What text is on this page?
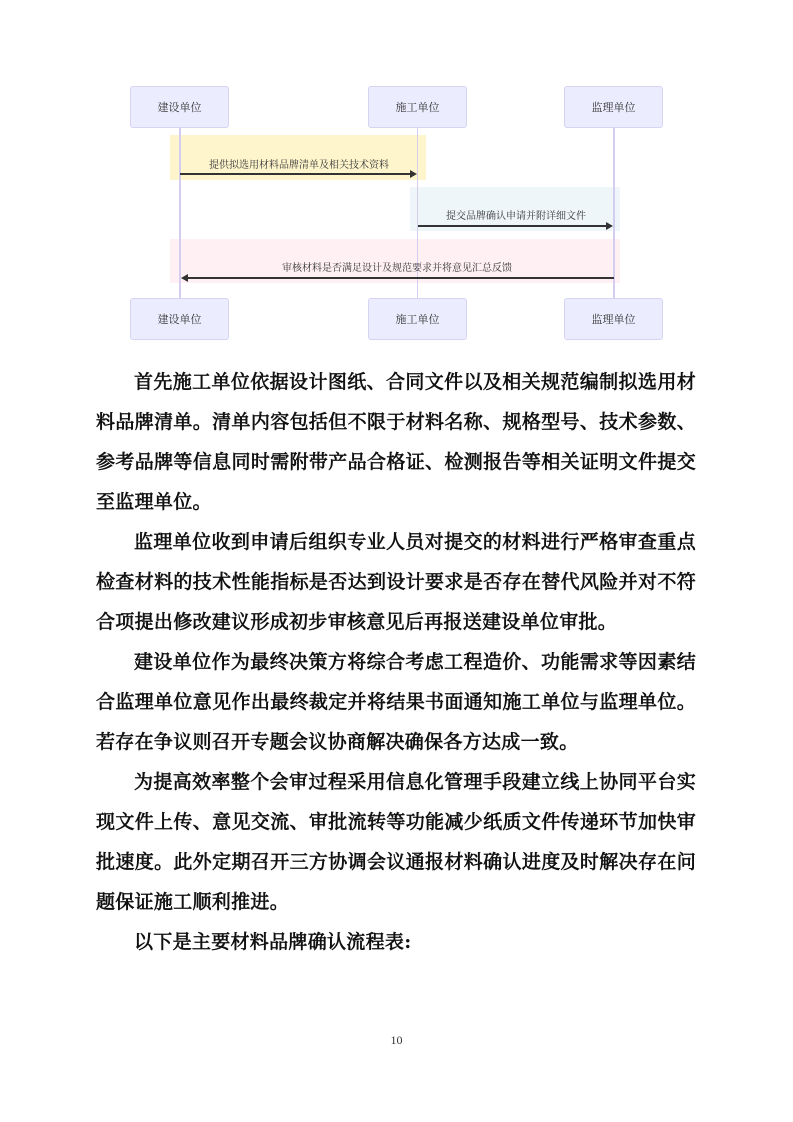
建设单位	施工单位	监理单位
提供拟选用材料品牌清单及相关技术资料
提交品牌确认申请并附详细文件
审核材料是否满足设计及规范要求并将意见汇总反馈
建设单位	施工单位	监理单位

首先施工单位依据设计图纸、合同文件以及相关规范编制拟选用材料品牌清单。清单内容包括但不限于材料名称、规格型号、技术参数、参考品牌等信息同时需附带产品合格证、检测报告等相关证明文件提交至监理单位。

监理单位收到申请后组织专业人员对提交的材料进行严格审查重点检查材料的技术性能指标是否达到设计要求是否存在替代风险并对不符合项提出修改建议形成初步审核意见后再报送建设单位审批。

建设单位作为最终决策方将综合考虑工程造价、功能需求等因素结合监理单位意见作出最终裁定并将结果书面通知施工单位与监理单位。若存在争议则召开专题会议协商解决确保各方达成一致。

为提高效率整个会审过程采用信息化管理手段建立线上协同平台实现文件上传、意见交流、审批流转等功能减少纸质文件传递环节加快审批速度。此外定期召开三方协调会议通报材料确认进度及时解决存在问题保证施工顺利推进。

以下是主要材料品牌确认流程表:

10
